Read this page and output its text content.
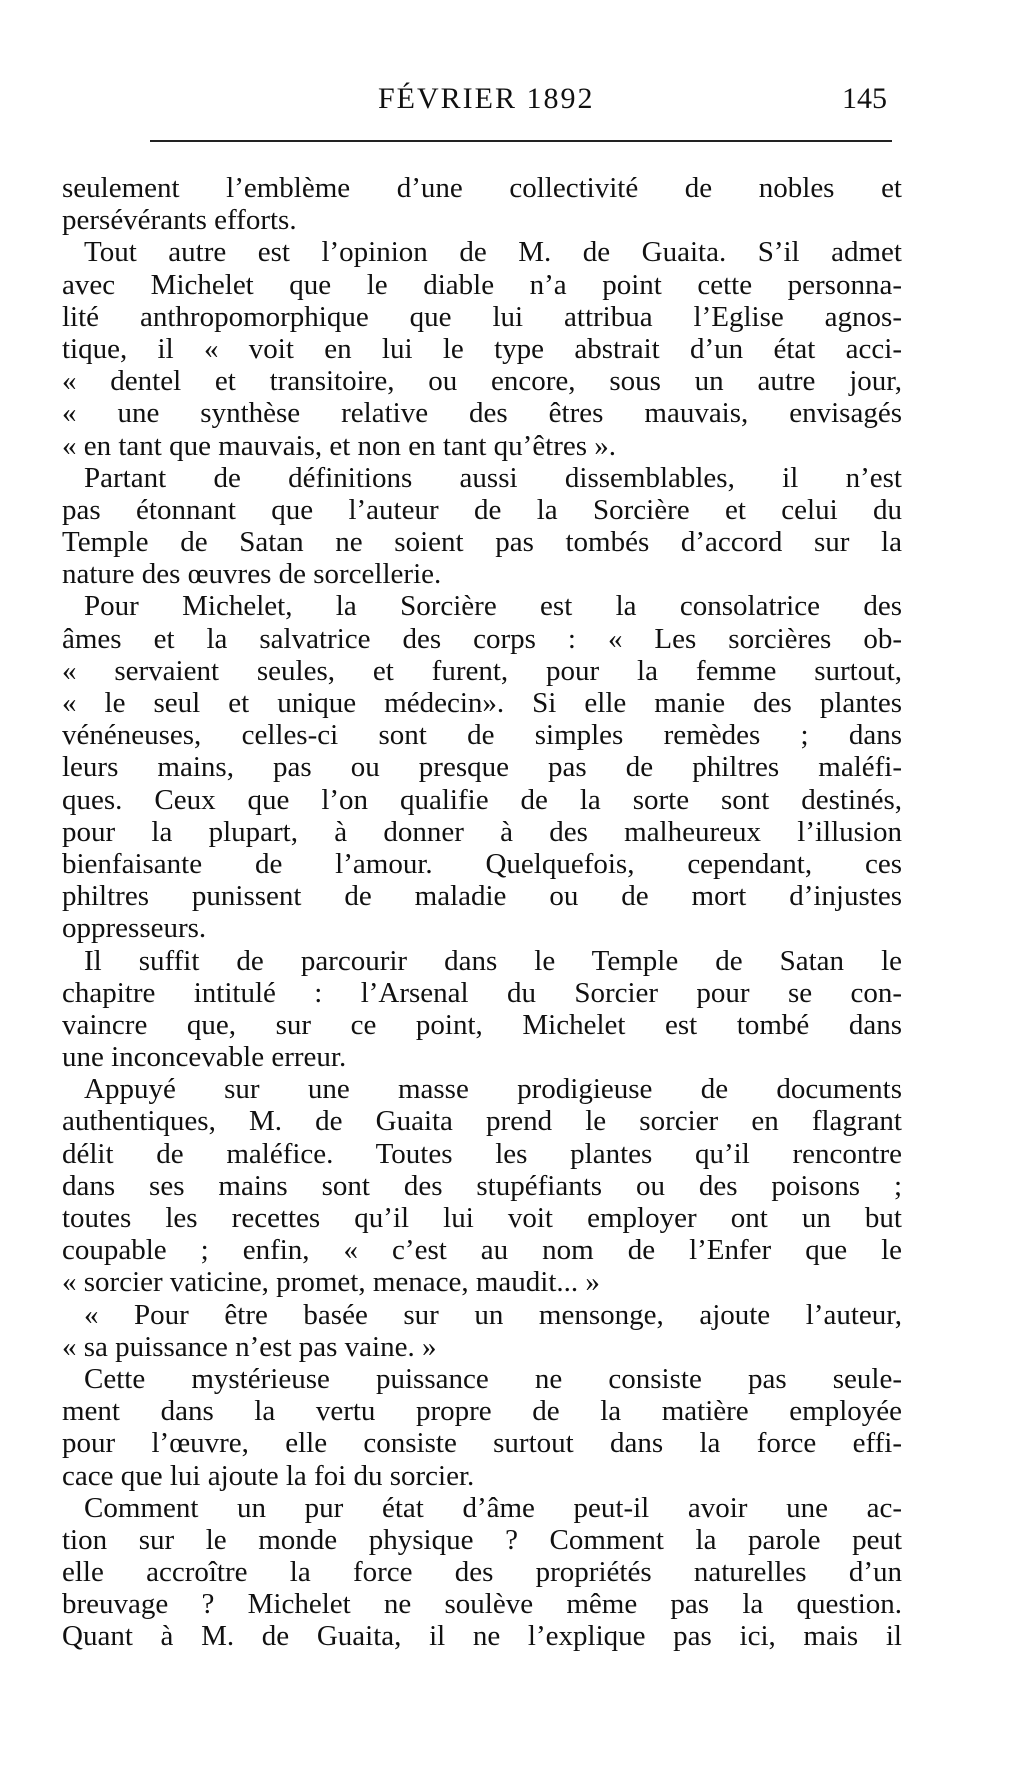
FÉVRIER 1892	145
seulement l’emblème d’une collectivité de nobles et
persévérants efforts.
Tout autre est l’opinion de M. de Guaita. S’il admet
avec Michelet que le diable n’a point cette personna-
lité anthropomorphique que lui attribua l’Eglise agnos-
tique, il « voit en lui le type abstrait d’un état acci-
« dentel et transitoire, ou encore, sous un autre jour,
« une synthèse relative des êtres mauvais, envisagés
« en tant que mauvais, et non en tant qu’êtres ».
Partant de définitions aussi dissemblables, il n’est
pas étonnant que l’auteur de la Sorcière et celui du
Temple de Satan ne soient pas tombés d’accord sur la
nature des œuvres de sorcellerie.
Pour Michelet, la Sorcière est la consolatrice des
âmes et la salvatrice des corps : « Les sorcières ob-
« servaient seules, et furent, pour la femme surtout,
« le seul et unique médecin». Si elle manie des plantes
vénéneuses, celles-ci sont de simples remèdes ; dans
leurs mains, pas ou presque pas de philtres maléfi-
ques. Ceux que l’on qualifie de la sorte sont destinés,
pour la plupart, à donner à des malheureux l’illusion
bienfaisante de l’amour. Quelquefois, cependant, ces
philtres punissent de maladie ou de mort d’injustes
oppresseurs.
Il suffit de parcourir dans le Temple de Satan le
chapitre intitulé : l’Arsenal du Sorcier pour se con-
vaincre que, sur ce point, Michelet est tombé dans
une inconcevable erreur.
Appuyé sur une masse prodigieuse de documents
authentiques, M. de Guaita prend le sorcier en flagrant
délit de maléfice. Toutes les plantes qu’il rencontre
dans ses mains sont des stupéfiants ou des poisons ;
toutes les recettes qu’il lui voit employer ont un but
coupable ; enfin, « c’est au nom de l’Enfer que le
« sorcier vaticine, promet, menace, maudit... »
« Pour être basée sur un mensonge, ajoute l’auteur,
« sa puissance n’est pas vaine. »
Cette mystérieuse puissance ne consiste pas seule-
ment dans la vertu propre de la matière employée
pour l’œuvre, elle consiste surtout dans la force effi-
cace que lui ajoute la foi du sorcier.
Comment un pur état d’âme peut-il avoir une ac-
tion sur le monde physique ? Comment la parole peut
elle accroître la force des propriétés naturelles d’un
breuvage ? Michelet ne soulève même pas la question.
Quant à M. de Guaita, il ne l’explique pas ici, mais il
